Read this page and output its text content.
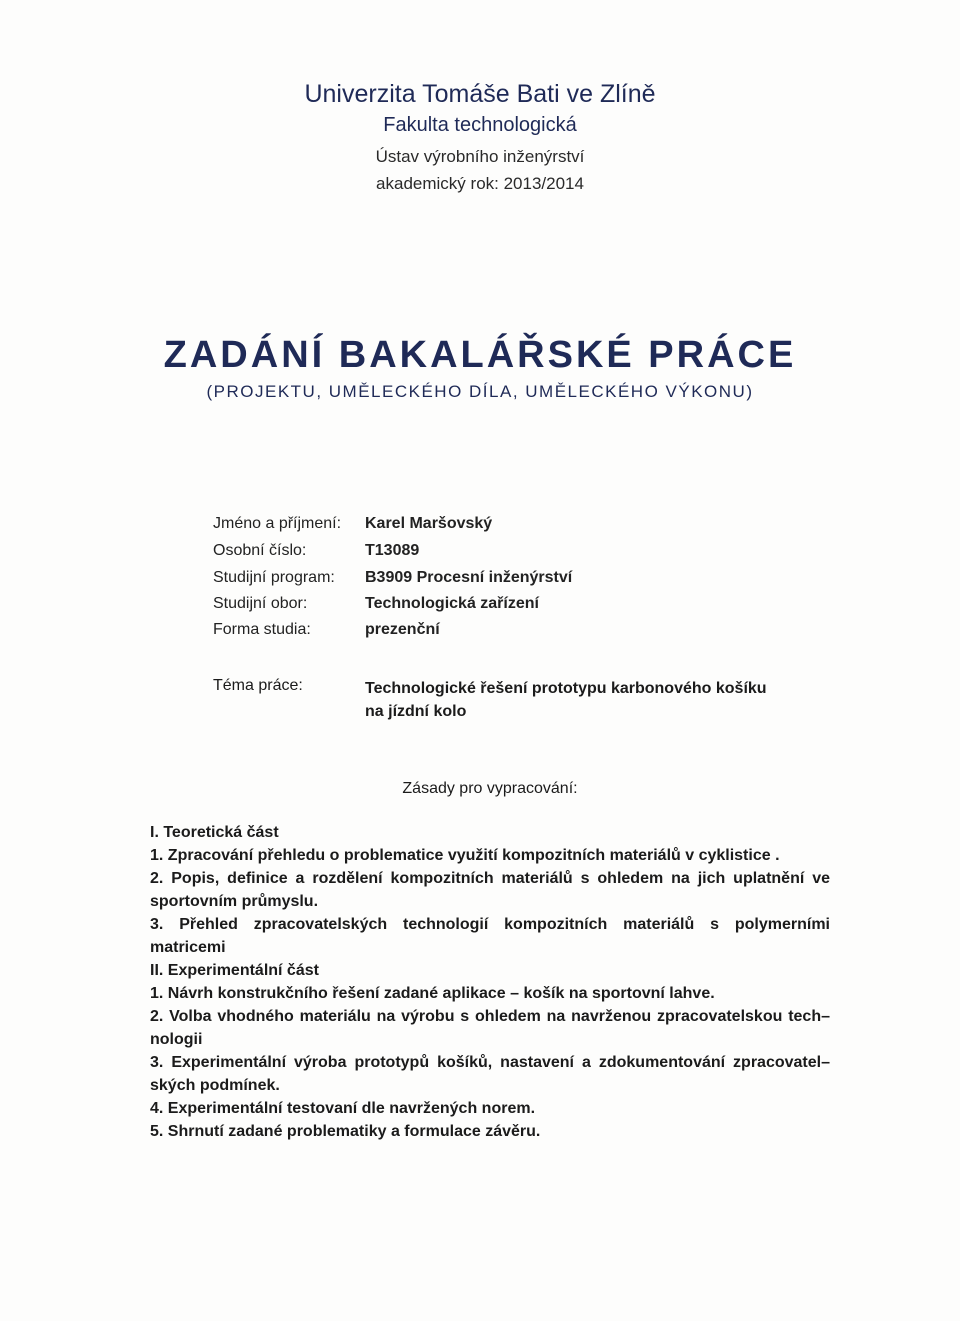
Univerzita Tomáše Bati ve Zlíně
Fakulta technologická
Ústav výrobního inženýrství
akademický rok: 2013/2014
ZADÁNÍ BAKALÁŘSKÉ PRÁCE
(PROJEKTU, UMĚLECKÉHO DÍLA, UMĚLECKÉHO VÝKONU)
Jméno a příjmení:	Karel Maršovský
Osobní číslo:	T13089
Studijní program:	B3909 Procesní inženýrství
Studijní obor:	Technologická zařízení
Forma studia:	prezenční
Téma práce:	Technologické řešení prototypu karbonového košíku na jízdní kolo
Zásady pro vypracování:
I. Teoretická část
1. Zpracování přehledu o problematice využití kompozitních materiálů v cyklistice .
2. Popis, definice a rozdělení kompozitních materiálů s ohledem na jich uplatnění ve sportovním průmyslu.
3. Přehled zpracovatelských technologií kompozitních materiálů s polymerními matricemi
II. Experimentální část
1. Návrh konstrukčního řešení zadané aplikace – košík na sportovní lahve.
2. Volba vhodného materiálu na výrobu s ohledem na navrženou zpracovatelskou tech–nologii
3. Experimentální výroba prototypů košíků, nastavení a zdokumentování zpracovatel–ských podmínek.
4. Experimentální testovaní dle navržených norem.
5. Shrnutí zadané problematiky a formulace závěru.
